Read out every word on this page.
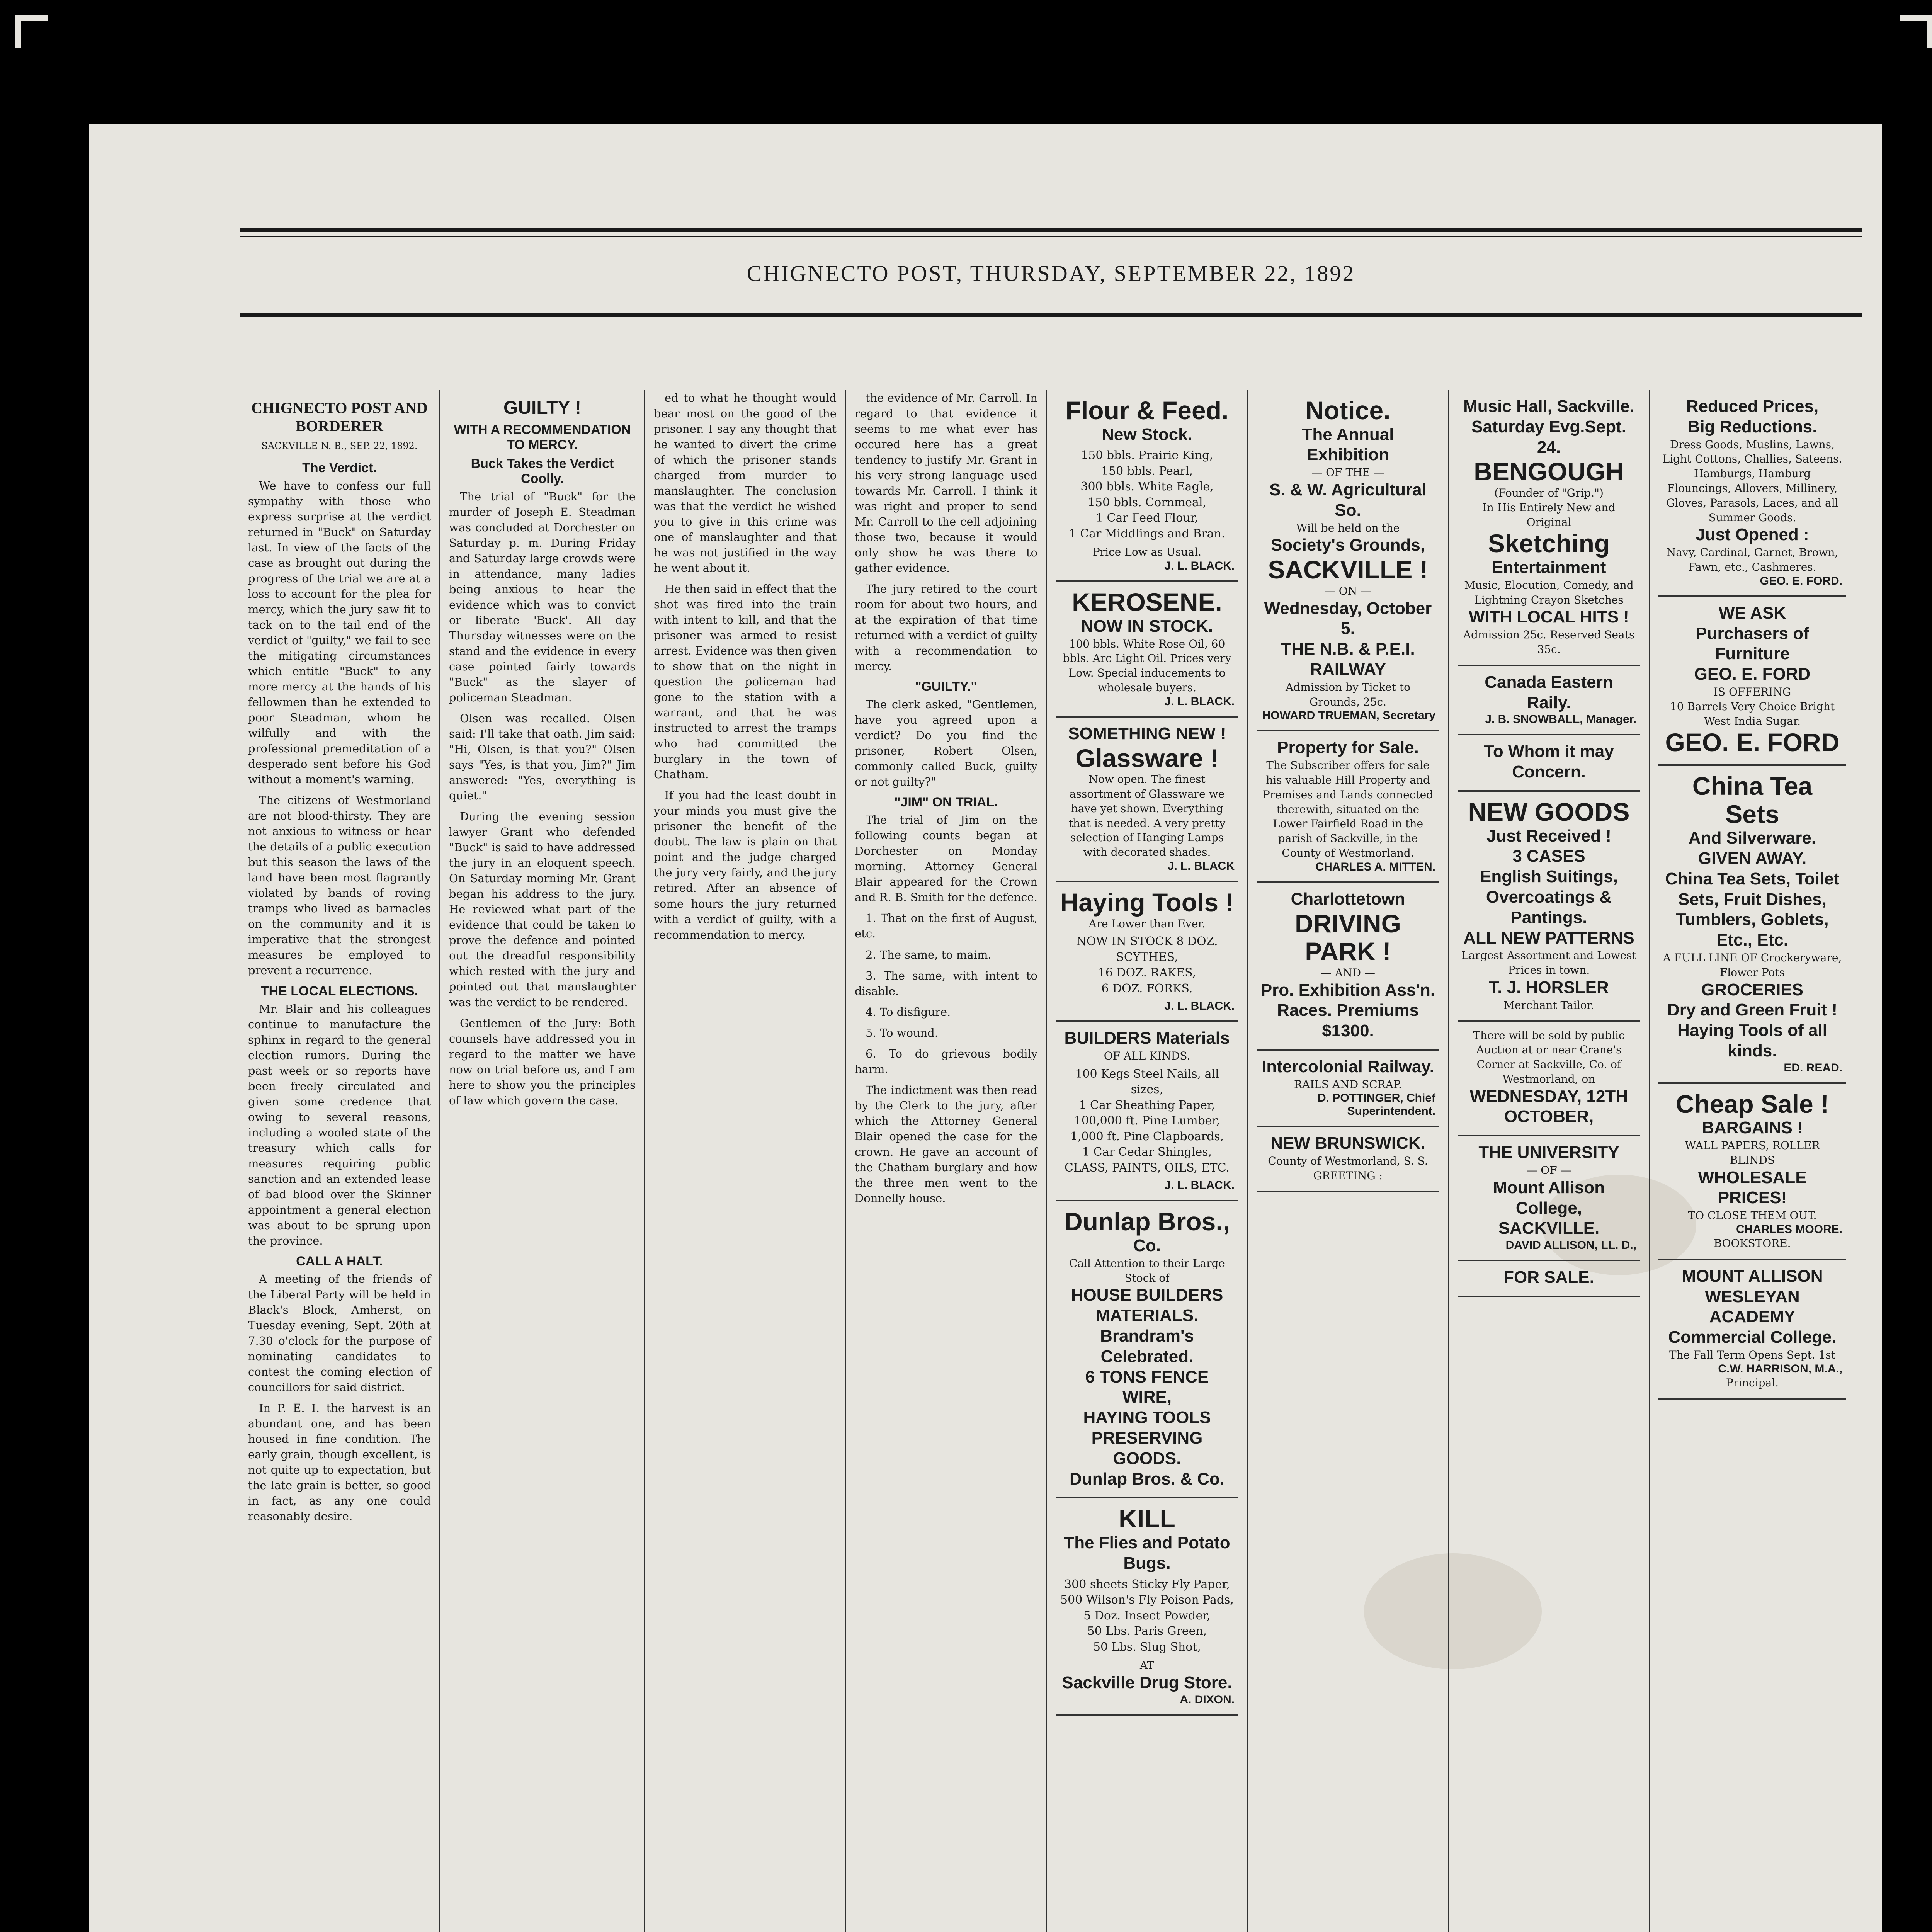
CHIGNECTO POST, THURSDAY, SEPTEMBER 22, 1892
CHIGNECTO POST AND BORDERER
SACKVILLE N. B., SEP. 22, 1892.
The Verdict.

We have to confess our full sympathy with those who express surprise at the verdict returned in "Buck" on Saturday last. In view of the facts of the case as brought out during the progress of the trial we are at a loss to account for the plea for mercy, which the jury saw fit to tack on to the tail end of the verdict of "guilty," we fail to see the mitigating circumstances which entitle "Buck" to any more mercy at the hands of his fellowmen than he extended to poor Steadman, whom he wilfully and with the professional premeditation of a desperado sent before his God without a moment's warning.

The citizens of Westmorland are not blood-thirsty. They are not anxious to witness or hear the details of a public execution but this season the laws of the land have been most flagrantly violated by bands of roving tramps who lived as barnacles on the community and it is imperative that the strongest measures be employed to prevent a recurrence.

THE LOCAL ELECTIONS.

Mr. Blair and his colleagues continue to manufacture the sphinx in regard to the general election rumors. During the past week or so reports have been freely circulated and given some credence that owing to several reasons, including a wooled state of the treasury which calls for measures requiring public sanction and an extended lease of bad blood over the Skinner appointment a general election was about to be sprung upon the province.

CALL A HALT.

A meeting of the friends of the Liberal Party will be held in Black's Block, Amherst, on Tuesday evening, Sept. 20th at 7.30 o'clock for the purpose of nominating candidates to contest the coming election of councillors for said district.

In P. E. I. the harvest is an abundant one, and has been housed in fine condition. The early grain, though excellent, is not quite up to expectation, but the late grain is better, so good in fact, as any one could reasonably desire.

GUILTY !
WITH A RECOMMENDATION TO MERCY.
Buck Takes the Verdict Coolly.

The trial of "Buck" for the murder of Joseph E. Steadman was concluded at Dorchester on Saturday p. m. During Friday and Saturday large crowds were in attendance, many ladies being anxious to hear the evidence which was to convict or liberate 'Buck'. All day Thursday witnesses were on the stand and the evidence in every case pointed fairly towards "Buck" as the slayer of policeman Steadman.

Olsen was recalled. Olsen said: I'll take that oath. Jim said: "Hi, Olsen, is that you?" Olsen says "Yes, is that you, Jim?" Jim answered: "Yes, everything is quiet."

During the evening session lawyer Grant who defended "Buck" is said to have addressed the jury in an eloquent speech. On Saturday morning Mr. Grant began his address to the jury. He reviewed what part of the evidence that could be taken to prove the defence and pointed out the dreadful responsibility which rested with the jury and pointed out that manslaughter was the verdict to be rendered.

Gentlemen of the Jury: Both counsels have addressed you in regard to the matter we have now on trial before us, and I am here to show you the principles of law which govern the case.

ed to what he thought would bear most on the good of the prisoner. I say any thought that he wanted to divert the crime of which the prisoner stands charged from murder to manslaughter. The conclusion was that the verdict he wished you to give in this crime was one of manslaughter and that he was not justified in the way he went about it.

He then said in effect that the shot was fired into the train with intent to kill, and that the prisoner was armed to resist arrest. Evidence was then given to show that on the night in question the policeman had gone to the station with a warrant, and that he was instructed to arrest the tramps who had committed the burglary in the town of Chatham.

If you had the least doubt in your minds you must give the prisoner the benefit of the doubt. The law is plain on that point and the judge charged the jury very fairly, and the jury retired. After an absence of some hours the jury returned with a verdict of guilty, with a recommendation to mercy.

the evidence of Mr. Carroll. In regard to that evidence it seems to me what ever has occured here has a great tendency to justify Mr. Grant in his very strong language used towards Mr. Carroll. I think it was right and proper to send Mr. Carroll to the cell adjoining those two, because it would only show he was there to gather evidence.

The jury retired to the court room for about two hours, and at the expiration of that time returned with a verdict of guilty with a recommendation to mercy.

"GUILTY."

The clerk asked, "Gentlemen, have you agreed upon a verdict? Do you find the prisoner, Robert Olsen, commonly called Buck, guilty or not guilty?"

"JIM" ON TRIAL.

The trial of Jim on the following counts began at Dorchester on Monday morning. Attorney General Blair appeared for the Crown and R. B. Smith for the defence.

1. That on the first of August, etc.

2. The same, to maim.

3. The same, with intent to disable.

4. To disfigure.

5. To wound.

6. To do grievous bodily harm.

The indictment was then read by the Clerk to the jury, after which the Attorney General Blair opened the case for the crown. He gave an account of the Chatham burglary and how the three men went to the Donnelly house.

Flour & Feed.
New Stock.
150 bbls. Prairie King,
150 bbls. Pearl,
300 bbls. White Eagle,
150 bbls. Cornmeal,
1 Car Feed Flour,
1 Car Middlings and Bran.
Price Low as Usual.
J. L. BLACK.
KEROSENE.
NOW IN STOCK.
100 bbls. White Rose Oil, 60 bbls. Arc Light Oil. Prices very Low. Special inducements to wholesale buyers.
J. L. BLACK.
SOMETHING NEW !
Glassware !
Now open. The finest assortment of Glassware we have yet shown. Everything that is needed. A very pretty selection of Hanging Lamps with decorated shades.
J. L. BLACK
Haying Tools !
Are Lower than Ever.
NOW IN STOCK 8 DOZ. SCYTHES,
16 DOZ. RAKES,
6 DOZ. FORKS.
J. L. BLACK.
BUILDERS Materials
OF ALL KINDS.
100 Kegs Steel Nails, all sizes,
1 Car Sheathing Paper,
100,000 ft. Pine Lumber,
1,000 ft. Pine Clapboards,
1 Car Cedar Shingles,
CLASS, PAINTS, OILS, ETC.
J. L. BLACK.
Dunlap Bros.,
Co.
Call Attention to their Large Stock of
HOUSE BUILDERS MATERIALS.
Brandram's Celebrated.
6 TONS FENCE WIRE,
HAYING TOOLS
PRESERVING GOODS.
Dunlap Bros. & Co.
KILL
The Flies and Potato Bugs.
300 sheets Sticky Fly Paper,
500 Wilson's Fly Poison Pads,
5 Doz. Insect Powder,
50 Lbs. Paris Green,
50 Lbs. Slug Shot,
AT
Sackville Drug Store.
A. DIXON.
Notice.
The Annual Exhibition
— OF THE —
S. & W. Agricultural So.
Will be held on the
Society's Grounds,
SACKVILLE !
— ON —
Wednesday, October 5.
THE N.B. & P.E.I. RAILWAY
Admission by Ticket to Grounds, 25c.
HOWARD TRUEMAN, Secretary
Property for Sale.
The Subscriber offers for sale his valuable Hill Property and Premises and Lands connected therewith, situated on the Lower Fairfield Road in the parish of Sackville, in the County of Westmorland.
CHARLES A. MITTEN.
Charlottetown
DRIVING PARK !
— AND —
Pro. Exhibition Ass'n.
Races. Premiums $1300.
Intercolonial Railway.
RAILS AND SCRAP.
D. POTTINGER, Chief Superintendent.
NEW BRUNSWICK.
County of Westmorland, S. S.
GREETING :
Music Hall, Sackville.
Saturday Evg.Sept. 24.
BENGOUGH
(Founder of "Grip.")
In His Entirely New and Original
Sketching
Entertainment
Music, Elocution, Comedy, and Lightning Crayon Sketches
WITH LOCAL HITS !
Admission 25c. Reserved Seats 35c.
Canada Eastern Raily.
J. B. SNOWBALL, Manager.
To Whom it may Concern.
NEW GOODS
Just Received !
3 CASES
English Suitings, Overcoatings & Pantings.
ALL NEW PATTERNS
Largest Assortment and Lowest Prices in town.
T. J. HORSLER
Merchant Tailor.
There will be sold by public Auction at or near Crane's Corner at Sackville, Co. of Westmorland, on
WEDNESDAY, 12TH OCTOBER,
THE UNIVERSITY
— OF —
Mount Allison College,
SACKVILLE.
DAVID ALLISON, LL. D.,
FOR SALE.
Reduced Prices,
Big Reductions.
Dress Goods, Muslins, Lawns, Light Cottons, Challies, Sateens.
Hamburgs, Hamburg Flouncings, Allovers, Millinery, Gloves, Parasols, Laces, and all Summer Goods.
Just Opened :
Navy, Cardinal, Garnet, Brown, Fawn, etc., Cashmeres.
GEO. E. FORD.
WE ASK
Purchasers of Furniture
GEO. E. FORD
IS OFFERING
10 Barrels Very Choice Bright West India Sugar.
GEO. E. FORD
China Tea Sets
And Silverware.
GIVEN AWAY.
China Tea Sets, Toilet Sets, Fruit Dishes, Tumblers, Goblets, Etc., Etc.
A FULL LINE OF Crockeryware, Flower Pots
GROCERIES
Dry and Green Fruit !
Haying Tools of all kinds.
ED. READ.
Cheap Sale !
BARGAINS !
WALL PAPERS, ROLLER BLINDS
WHOLESALE PRICES!
TO CLOSE THEM OUT.
CHARLES MOORE.
BOOKSTORE.
MOUNT ALLISON
WESLEYAN ACADEMY
Commercial College.
The Fall Term Opens Sept. 1st
C.W. HARRISON, M.A.,
Principal.
